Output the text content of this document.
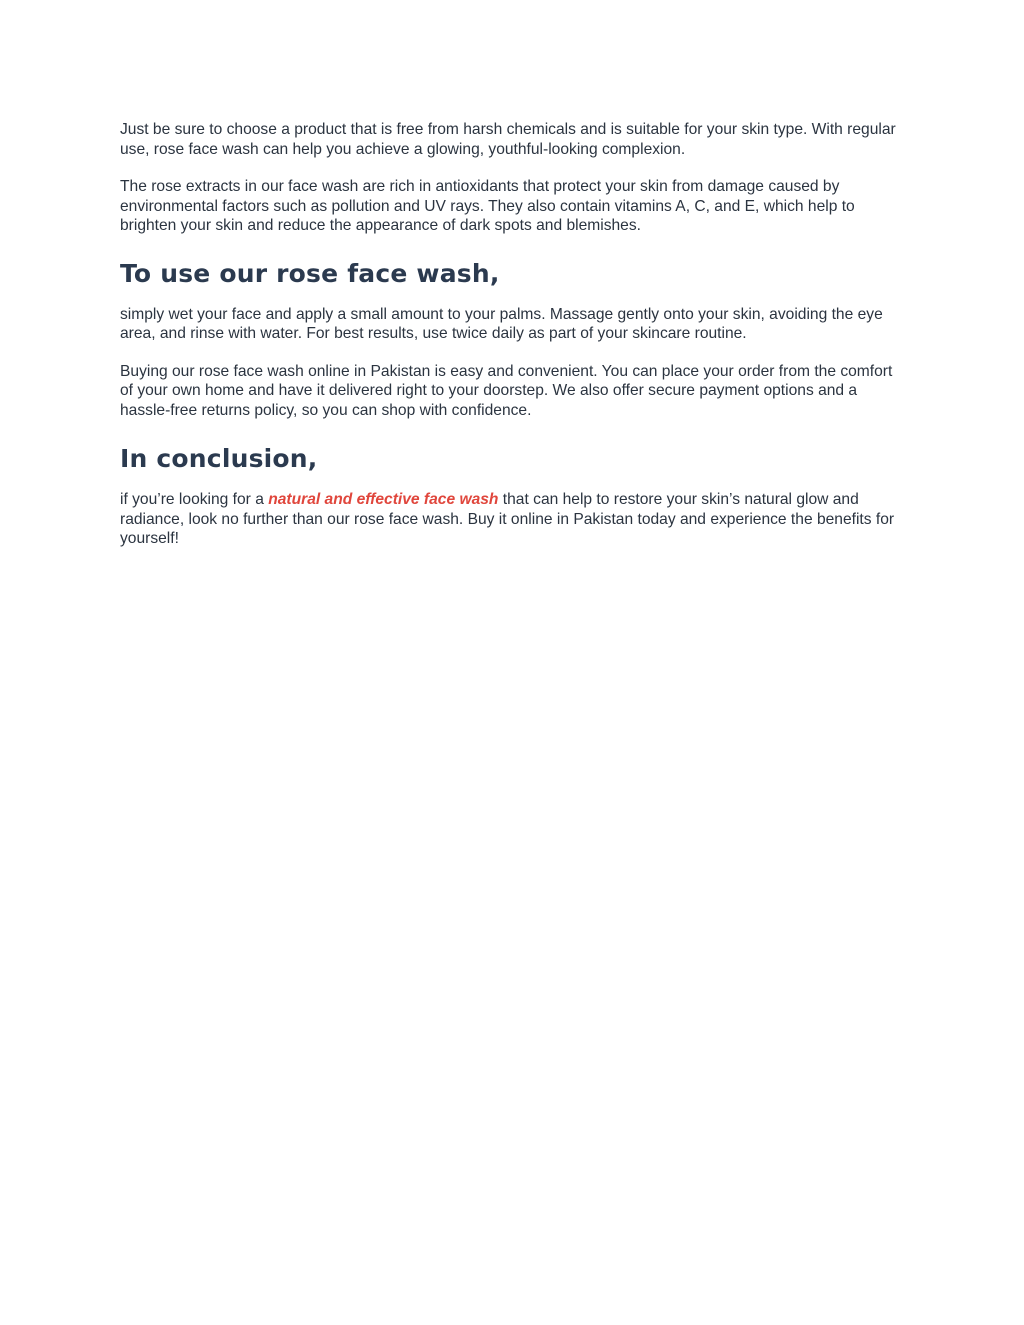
Just be sure to choose a product that is free from harsh chemicals and is suitable for your skin type. With regular use, rose face wash can help you achieve a glowing, youthful-looking complexion.

The rose extracts in our face wash are rich in antioxidants that protect your skin from damage caused by environmental factors such as pollution and UV rays. They also contain vitamins A, C, and E, which help to brighten your skin and reduce the appearance of dark spots and blemishes.

To use our rose face wash,

simply wet your face and apply a small amount to your palms. Massage gently onto your skin, avoiding the eye area, and rinse with water. For best results, use twice daily as part of your skincare routine.

Buying our rose face wash online in Pakistan is easy and convenient. You can place your order from the comfort of your own home and have it delivered right to your doorstep. We also offer secure payment options and a hassle-free returns policy, so you can shop with confidence.

In conclusion,

if you’re looking for a natural and effective face wash that can help to restore your skin’s natural glow and radiance, look no further than our rose face wash. Buy it online in Pakistan today and experience the benefits for yourself!
